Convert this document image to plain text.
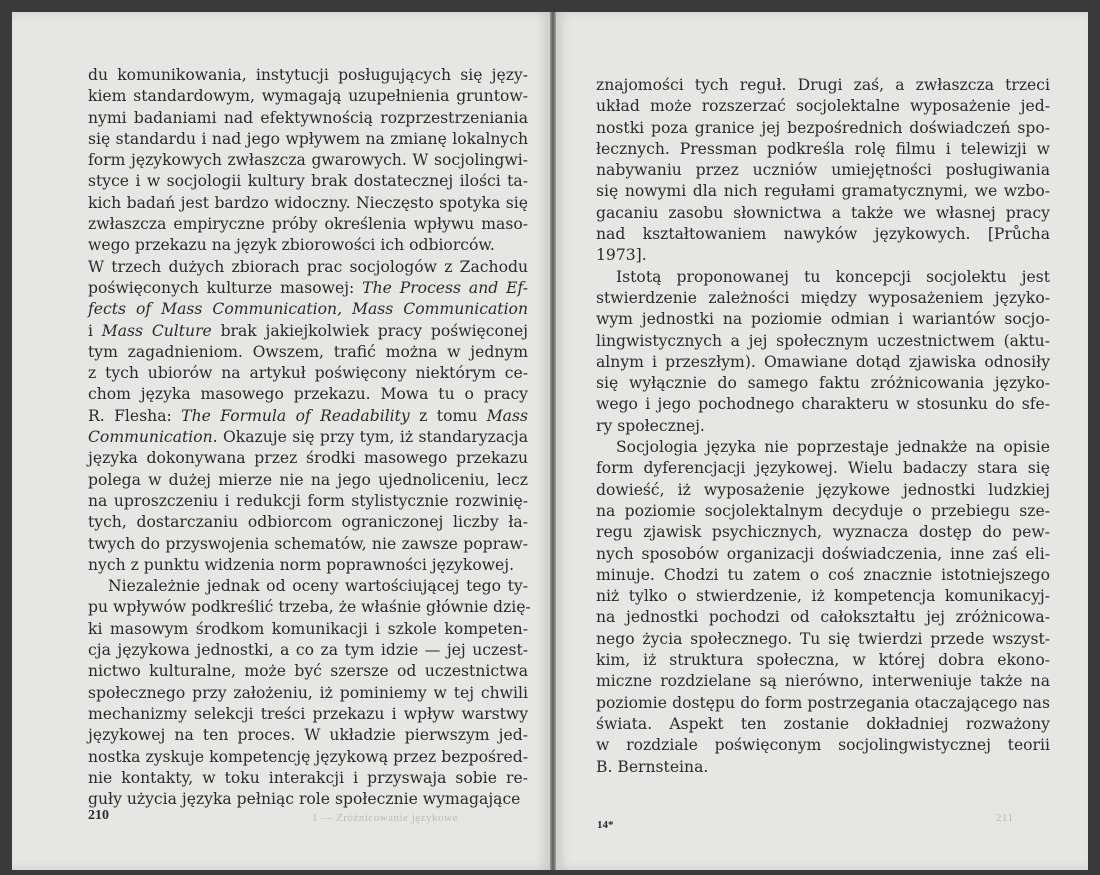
du komunikowania, instytucji posługujących się języ-
kiem standardowym, wymagają uzupełnienia gruntow-
nymi badaniami nad efektywnością rozprzestrzeniania
się standardu i nad jego wpływem na zmianę lokalnych
form językowych zwłaszcza gwarowych. W socjolingwi-
styce i w socjologii kultury brak dostatecznej ilości ta-
kich badań jest bardzo widoczny. Nieczęsto spotyka się
zwłaszcza empiryczne próby określenia wpływu maso-
wego przekazu na język zbiorowości ich odbiorców.
W trzech dużych zbiorach prac socjologów z Zachodu
poświęconych kulturze masowej: The Process and Ef-
fects of Mass Communication, Mass Communication
i Mass Culture brak jakiejkolwiek pracy poświęconej
tym zagadnieniom. Owszem, trafić można w jednym
z tych ubiorów na artykuł poświęcony niektórym ce-
chom języka masowego przekazu. Mowa tu o pracy
R. Flesha: The Formula of Readability z tomu Mass
Communication. Okazuje się przy tym, iż standaryzacja
języka dokonywana przez środki masowego przekazu
polega w dużej mierze nie na jego ujednoliceniu, lecz
na uproszczeniu i redukcji form stylistycznie rozwinię-
tych, dostarczaniu odbiorcom ograniczonej liczby ła-
twych do przyswojenia schematów, nie zawsze popraw-
nych z punktu widzenia norm poprawności językowej.
Niezależnie jednak od oceny wartościującej tego ty-
pu wpływów podkreślić trzeba, że właśnie głównie dzię-
ki masowym środkom komunikacji i szkole kompeten-
cja językowa jednostki, a co za tym idzie — jej uczest-
nictwo kulturalne, może być szersze od uczestnictwa
społecznego przy założeniu, iż pominiemy w tej chwili
mechanizmy selekcji treści przekazu i wpływ warstwy
językowej na ten proces. W układzie pierwszym jed-
nostka zyskuje kompetencję językową przez bezpośred-
nie kontakty, w toku interakcji i przyswaja sobie re-
guły użycia języka pełniąc role społecznie wymagające
210	1 — Zróżnicowanie językowe
znajomości tych reguł. Drugi zaś, a zwłaszcza trzeci
układ może rozszerzać socjolektalne wyposażenie jed-
nostki poza granice jej bezpośrednich doświadczeń spo-
łecznych. Pressman podkreśla rolę filmu i telewizji w
nabywaniu przez uczniów umiejętności posługiwania
się nowymi dla nich regułami gramatycznymi, we wzbo-
gacaniu zasobu słownictwa a także we własnej pracy
nad kształtowaniem nawyków językowych. [Průcha
1973].
Istotą proponowanej tu koncepcji socjolektu jest
stwierdzenie zależności między wyposażeniem języko-
wym jednostki na poziomie odmian i wariantów socjo-
lingwistycznych a jej społecznym uczestnictwem (aktu-
alnym i przeszłym). Omawiane dotąd zjawiska odnosiły
się wyłącznie do samego faktu zróżnicowania języko-
wego i jego pochodnego charakteru w stosunku do sfe-
ry społecznej.
Socjologia języka nie poprzestaje jednakże na opisie
form dyferencjacji językowej. Wielu badaczy stara się
dowieść, iż wyposażenie językowe jednostki ludzkiej
na poziomie socjolektalnym decyduje o przebiegu sze-
regu zjawisk psychicznych, wyznacza dostęp do pew-
nych sposobów organizacji doświadczenia, inne zaś eli-
minuje. Chodzi tu zatem o coś znacznie istotniejszego
niż tylko o stwierdzenie, iż kompetencja komunikacyj-
na jednostki pochodzi od całokształtu jej zróżnicowa-
nego życia społecznego. Tu się twierdzi przede wszyst-
kim, iż struktura społeczna, w której dobra ekono-
miczne rozdzielane są nierówno, interweniuje także na
poziomie dostępu do form postrzegania otaczającego nas
świata. Aspekt ten zostanie dokładniej rozważony
w rozdziale poświęconym socjolingwistycznej teorii
B. Bernsteina.
14*
211
